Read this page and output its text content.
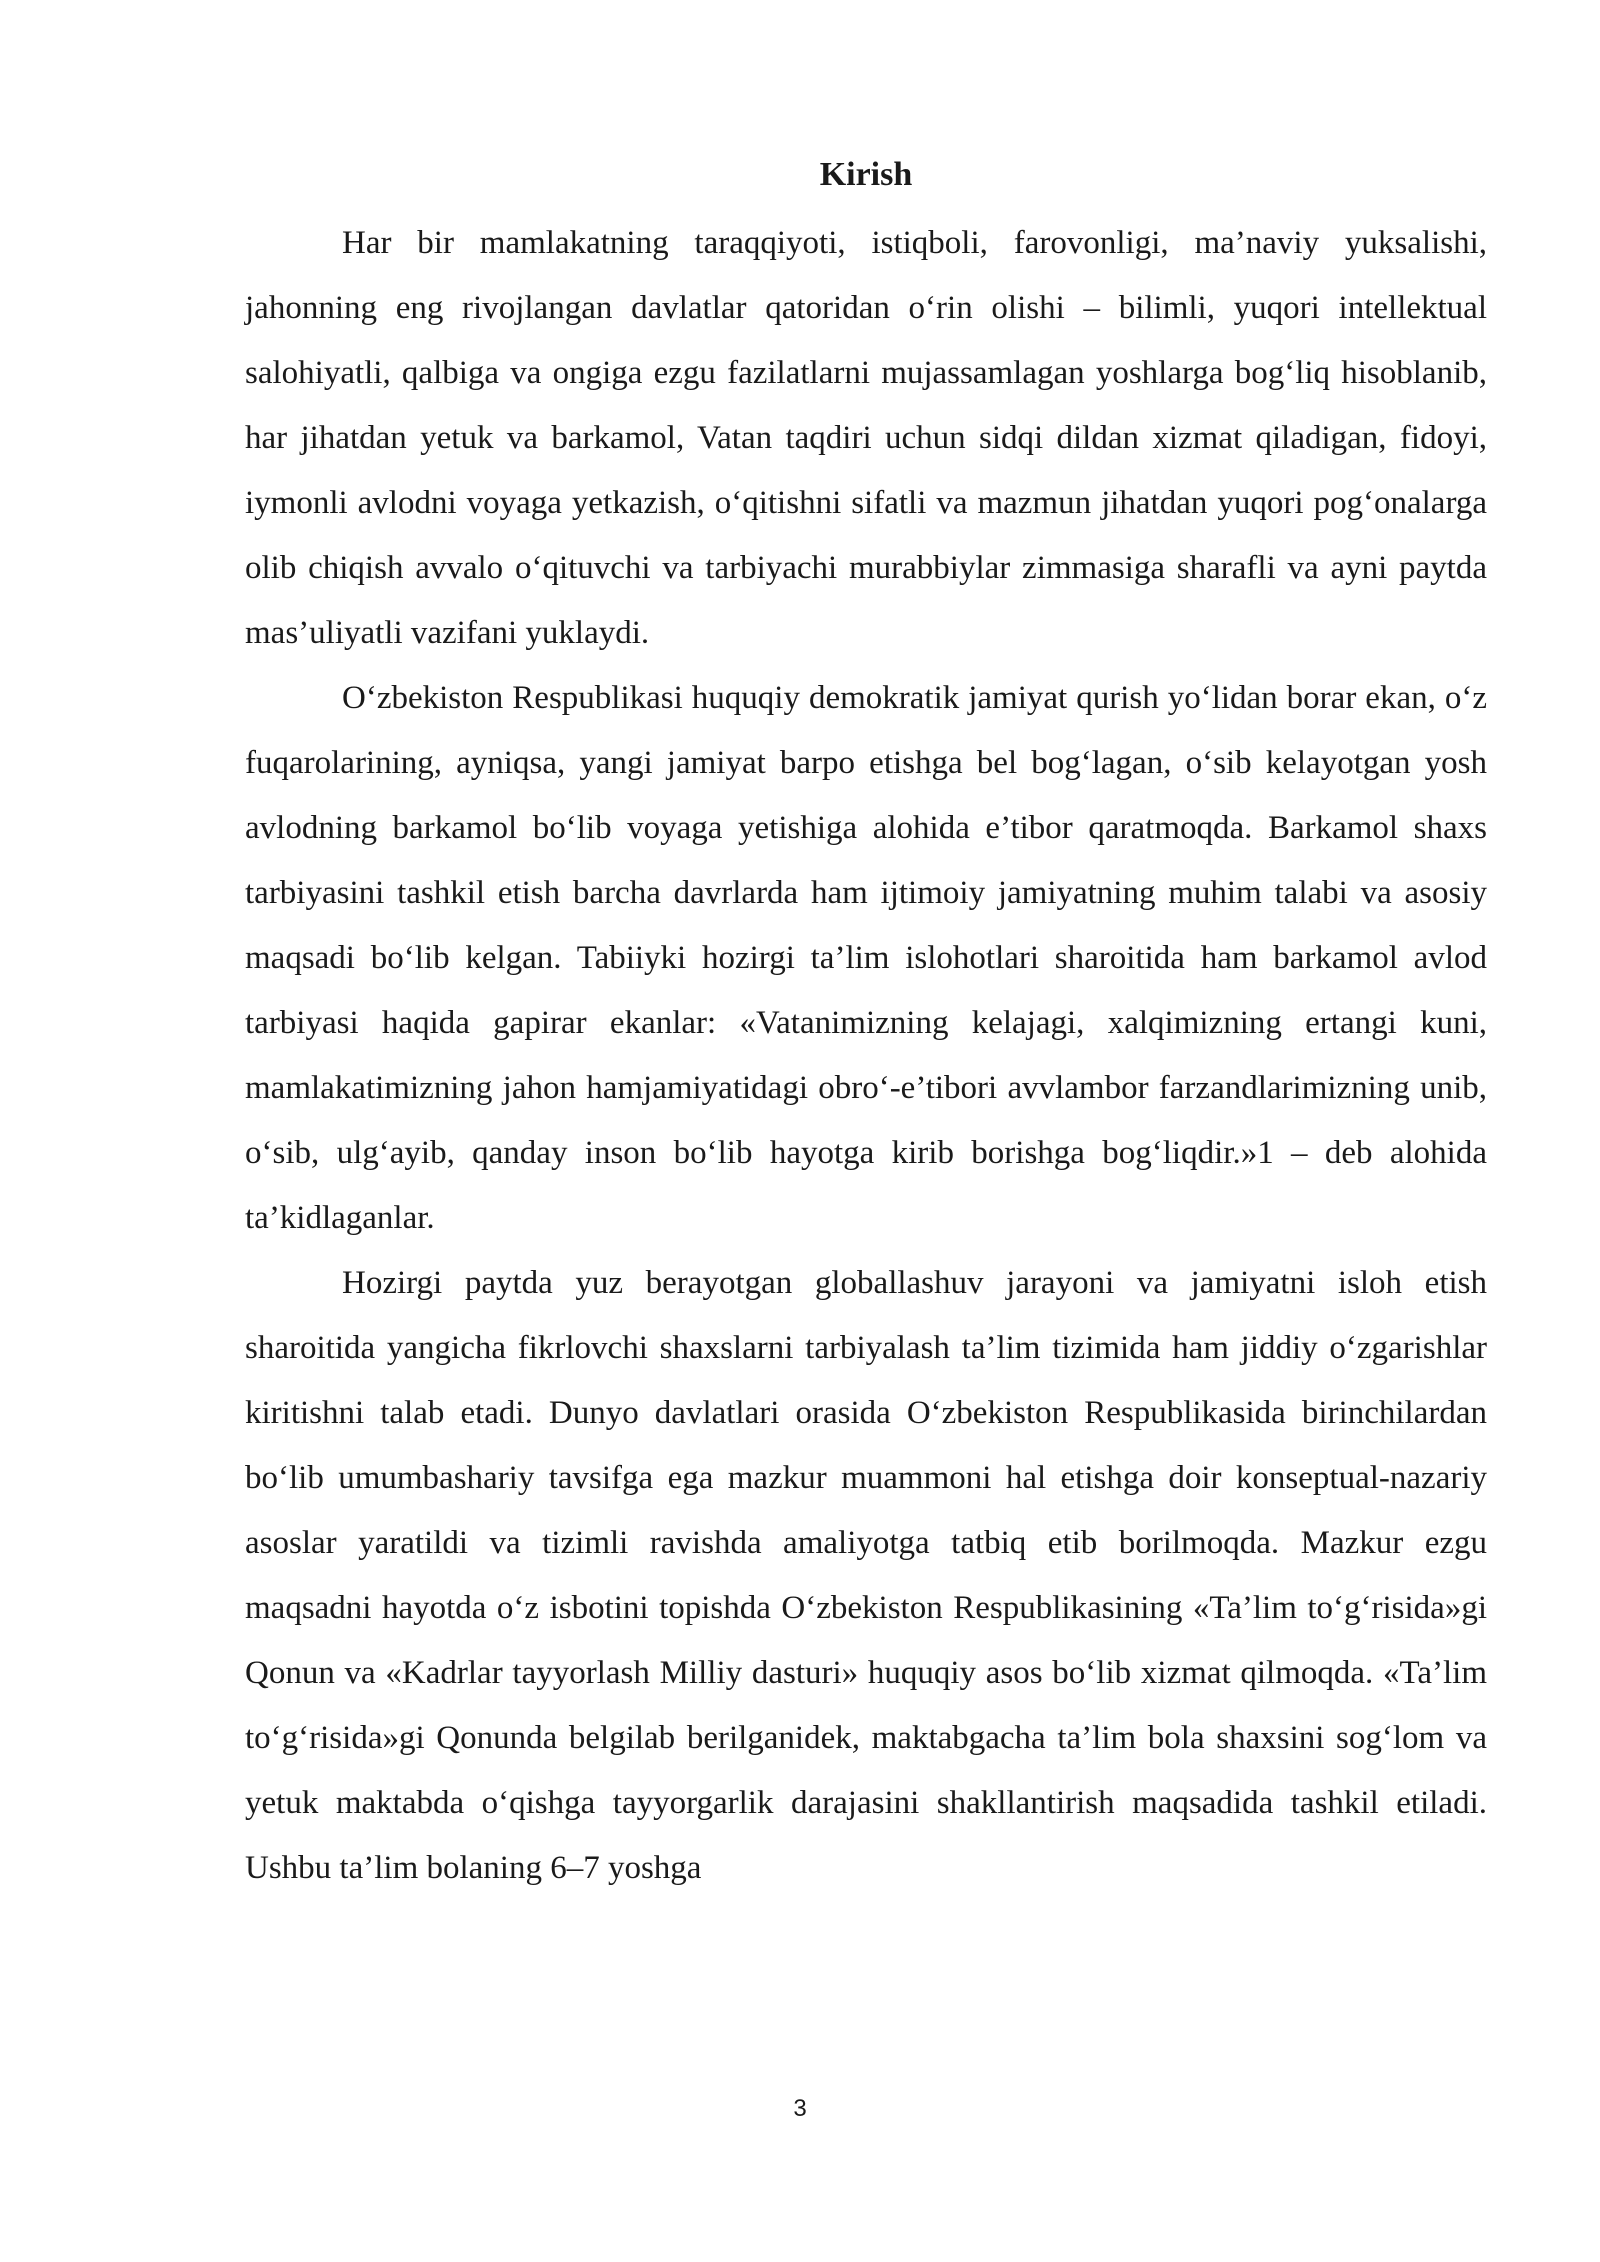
Kirish

Har bir mamlakatning taraqqiyoti, istiqboli, farovonligi, ma’naviy yuksalishi, jahonning eng rivojlangan davlatlar qatoridan o‘rin olishi – bilimli, yuqori intellektual salohiyatli, qalbiga va ongiga ezgu fazilatlarni mujassamlagan yoshlarga bog‘liq hisoblanib, har jihatdan yetuk va barkamol, Vatan taqdiri uchun sidqi dildan xizmat qiladigan, fidoyi, iymonli avlodni voyaga yetkazish, o‘qitishni sifatli va mazmun jihatdan yuqori pog‘onalarga olib chiqish avvalo o‘qituvchi va tarbiyachi murabbiylar zimmasiga sharafli va ayni paytda mas’uliyatli vazifani yuklaydi.

O‘zbekiston Respublikasi huquqiy demokratik jamiyat qurish yo‘lidan borar ekan, o‘z fuqarolarining, ayniqsa, yangi jamiyat barpo etishga bel bog‘lagan, o‘sib kelayotgan yosh avlodning barkamol bo‘lib voyaga yetishiga alohida e’tibor qaratmoqda. Barkamol shaxs tarbiyasini tashkil etish barcha davrlarda ham ijtimoiy jamiyatning muhim talabi va asosiy maqsadi bo‘lib kelgan. Tabiiyki hozirgi ta’lim islohotlari sharoitida ham barkamol avlod tarbiyasi haqida gapirar ekanlar: «Vatanimizning kelajagi, xalqimizning ertangi kuni, mamlakatimizning jahon hamjamiyatidagi obro‘-e’tibori avvlambor farzandlarimizning unib, o‘sib, ulg‘ayib, qanday inson bo‘lib hayotga kirib borishga bog‘liqdir.»1 – deb alohida ta’kidlaganlar.

Hozirgi paytda yuz berayotgan globallashuv jarayoni va jamiyatni isloh etish sharoitida yangicha fikrlovchi shaxslarni tarbiyalash ta’lim tizimida ham jiddiy o‘zgarishlar kiritishni talab etadi. Dunyo davlatlari orasida O‘zbekiston Respublikasida birinchilardan bo‘lib umumbashariy tavsifga ega mazkur muammoni hal etishga doir konseptual-nazariy asoslar yaratildi va tizimli ravishda amaliyotga tatbiq etib borilmoqda. Mazkur ezgu maqsadni hayotda o‘z isbotini topishda O‘zbekiston Respublikasining «Ta’lim to‘g‘risida»gi Qonun va «Kadrlar tayyorlash Milliy dasturi» huquqiy asos bo‘lib xizmat qilmoqda. «Ta’lim to‘g‘risida»gi Qonunda belgilab berilganidek, maktabgacha ta’lim bola shaxsini sog‘lom va yetuk maktabda o‘qishga tayyorgarlik darajasini shakllantirish maqsadida tashkil etiladi. Ushbu ta’lim bolaning 6–7 yoshga

3
